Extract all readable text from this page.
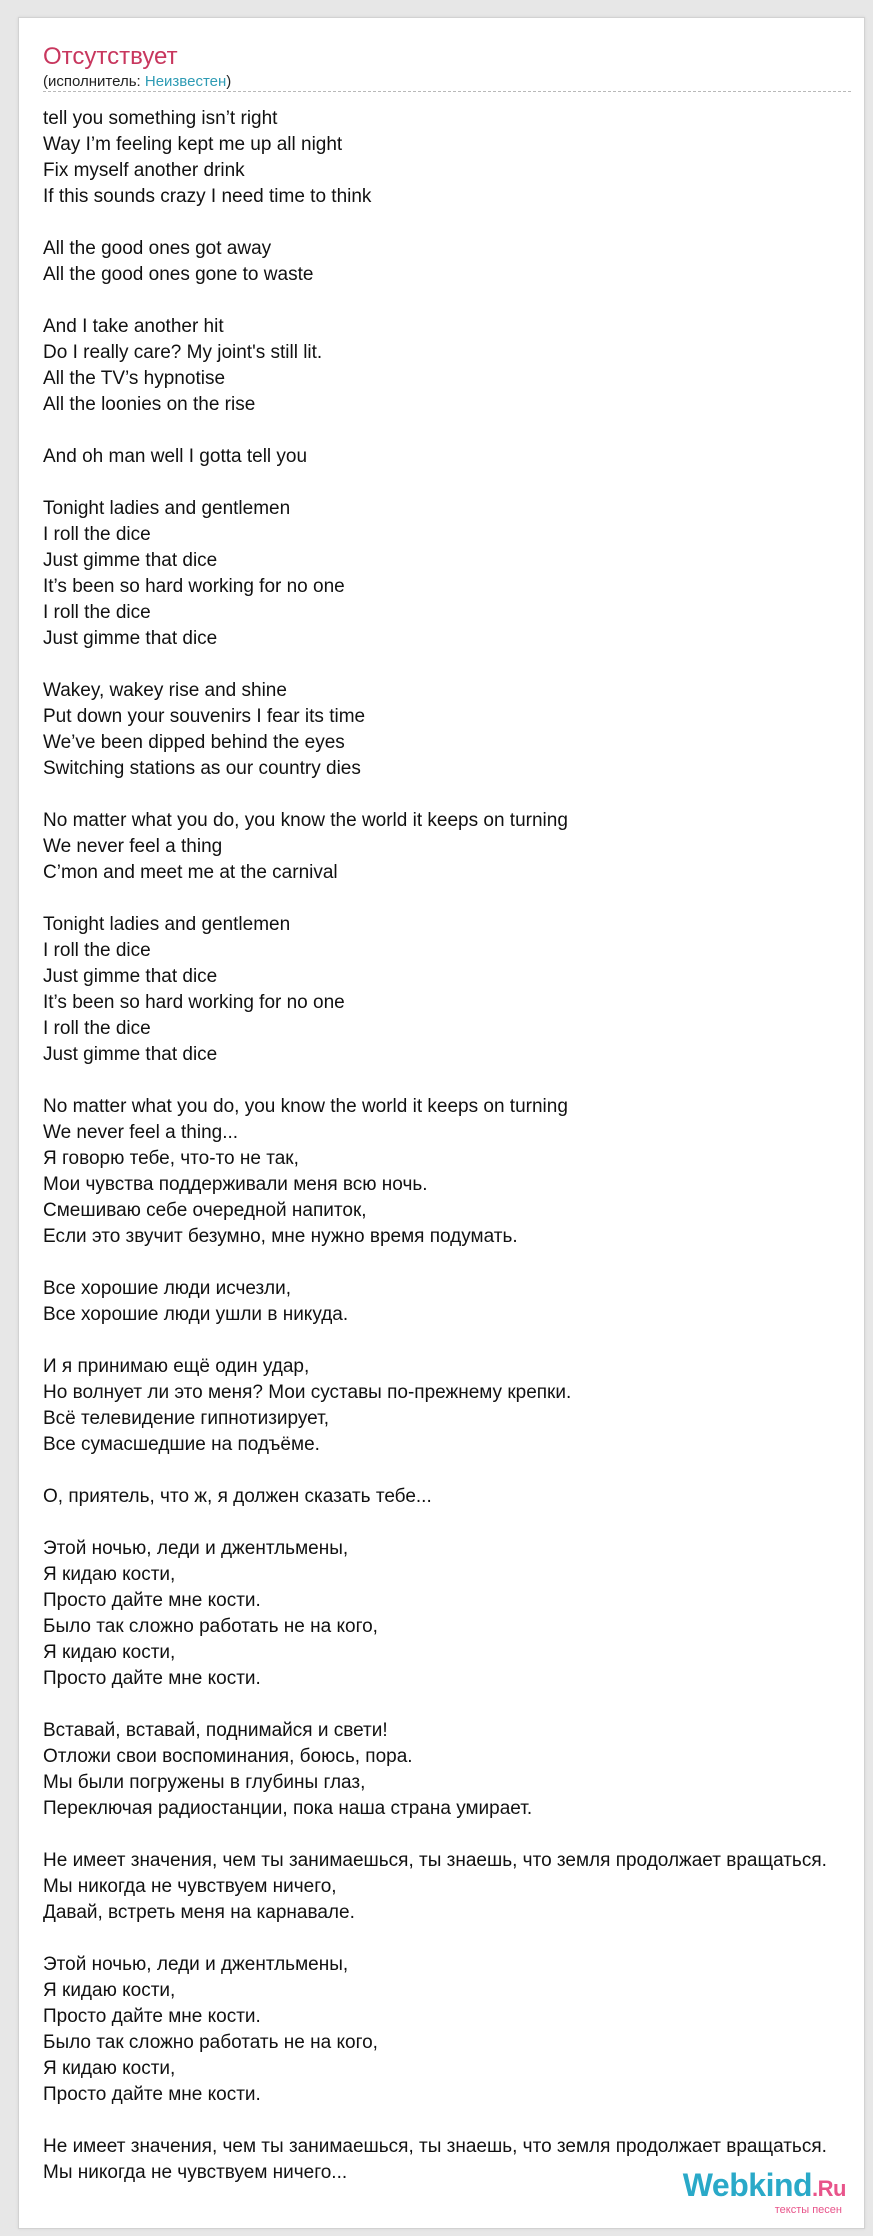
Отсутствует
(исполнитель: Неизвестен)
tell you something isn’t right
Way I’m feeling kept me up all night
Fix myself another drink
If this sounds crazy I need time to think
All the good ones got away
All the good ones gone to waste
And I take another hit
Do I really care? My joint's still lit.
All the TV’s hypnotise
All the loonies on the rise
And oh man well I gotta tell you
Tonight ladies and gentlemen
I roll the dice
Just gimme that dice
It’s been so hard working for no one
I roll the dice
Just gimme that dice
Wakey, wakey rise and shine
Put down your souvenirs I fear its time
We’ve been dipped behind the eyes
Switching stations as our country dies
No matter what you do, you know the world it keeps on turning
We never feel a thing
C’mon and meet me at the carnival
Tonight ladies and gentlemen
I roll the dice
Just gimme that dice
It’s been so hard working for no one
I roll the dice
Just gimme that dice
No matter what you do, you know the world it keeps on turning
We never feel a thing...
Я говорю тебе, что-то не так,
Мои чувства поддерживали меня всю ночь.
Смешиваю себе очередной напиток,
Если это звучит безумно, мне нужно время подумать.
Все хорошие люди исчезли,
Все хорошие люди ушли в никуда.
И я принимаю ещё один удар,
Но волнует ли это меня? Мои суставы по-прежнему крепки.
Всё телевидение гипнотизирует,
Все сумасшедшие на подъёме.
О, приятель, что ж, я должен сказать тебе...
Этой ночью, леди и джентльмены,
Я кидаю кости,
Просто дайте мне кости.
Было так сложно работать не на кого,
Я кидаю кости,
Просто дайте мне кости.
Вставай, вставай, поднимайся и свети!
Отложи свои воспоминания, боюсь, пора.
Мы были погружены в глубины глаз,
Переключая радиостанции, пока наша страна умирает.
Не имеет значения, чем ты занимаешься, ты знаешь, что земля продолжает вращаться.
Мы никогда не чувствуем ничего,
Давай, встреть меня на карнавале.
Этой ночью, леди и джентльмены,
Я кидаю кости,
Просто дайте мне кости.
Было так сложно работать не на кого,
Я кидаю кости,
Просто дайте мне кости.
Не имеет значения, чем ты занимаешься, ты знаешь, что земля продолжает вращаться.
Мы никогда не чувствуем ничего...	Webkind.Ru
тексты песен
